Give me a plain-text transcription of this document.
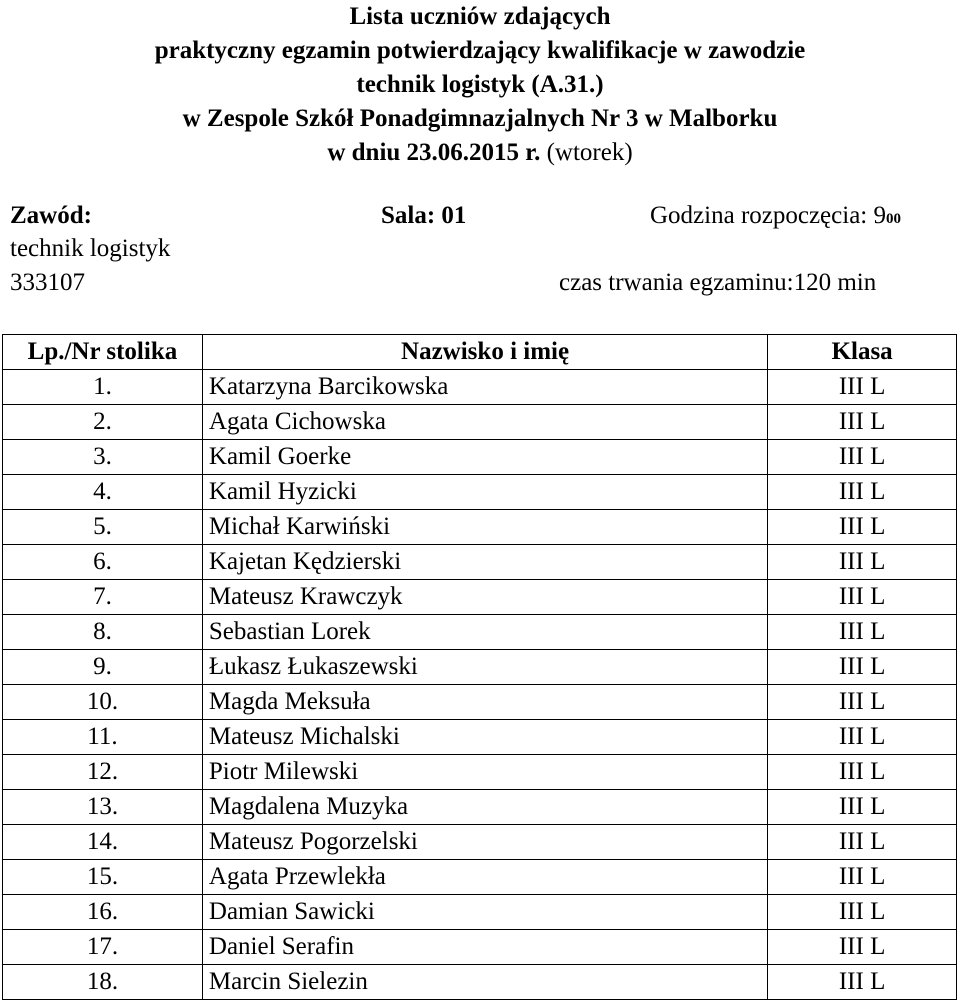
Lista uczniów zdających
praktyczny egzamin potwierdzający kwalifikacje w zawodzie
technik logistyk (A.31.)
w Zespole Szkół Ponadgimnazjalnych Nr 3 w Malborku
w dniu 23.06.2015 r. (wtorek)
Zawód:	Sala: 01	Godzina rozpoczęcia: 900
technik logistyk
333107	czas trwania egzaminu:120 min
Lp./Nr stolika	Nazwisko i imię	Klasa
1.	Katarzyna Barcikowska	III L
2.	Agata Cichowska	III L
3.	Kamil Goerke	III L
4.	Kamil Hyzicki	III L
5.	Michał Karwiński	III L
6.	Kajetan Kędzierski	III L
7.	Mateusz Krawczyk	III L
8.	Sebastian Lorek	III L
9.	Łukasz Łukaszewski	III L
10.	Magda Meksuła	III L
11.	Mateusz Michalski	III L
12.	Piotr Milewski	III L
13.	Magdalena Muzyka	III L
14.	Mateusz Pogorzelski	III L
15.	Agata Przewlekła	III L
16.	Damian Sawicki	III L
17.	Daniel Serafin	III L
18.	Marcin Sielezin	III L
